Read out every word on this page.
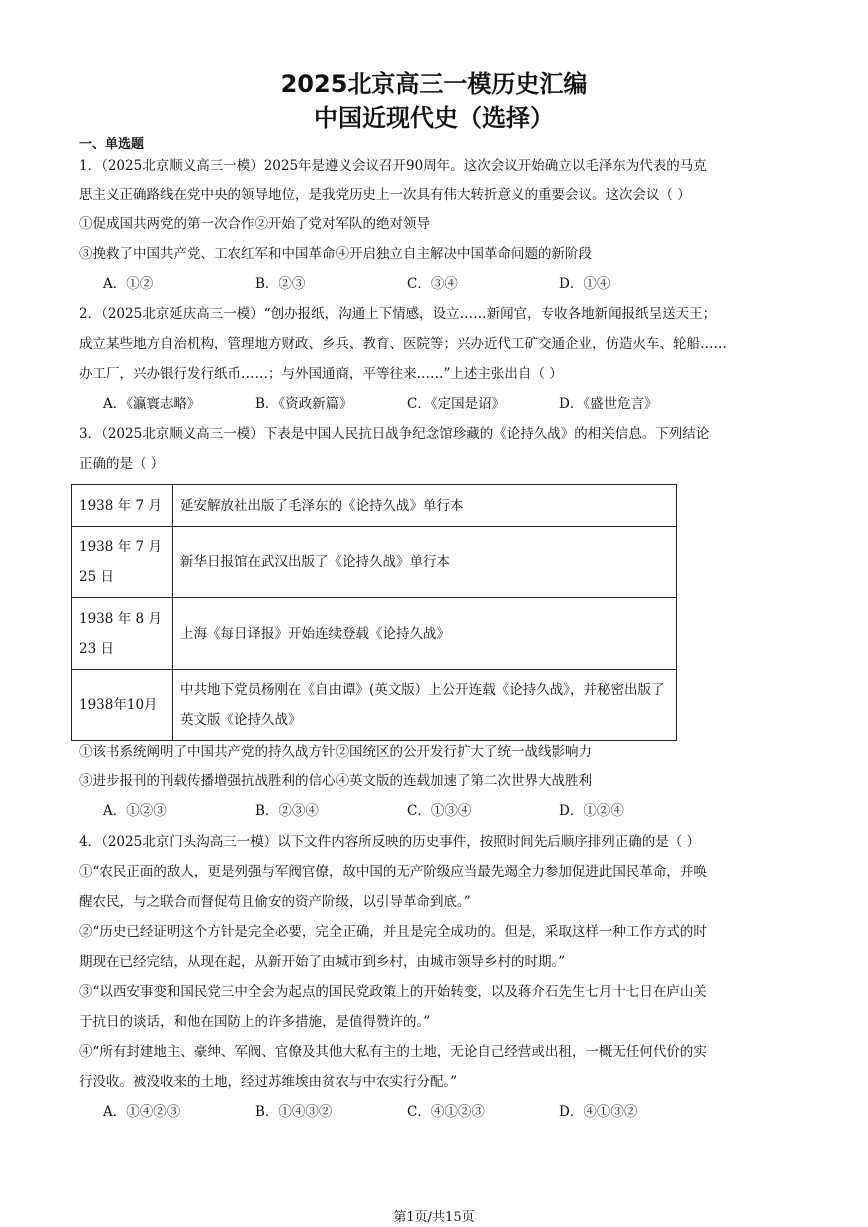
2025北京高三一模历史汇编
中国近现代史（选择）
一、单选题
1．（2025北京顺义高三一模）2025年是遵义会议召开90周年。这次会议开始确立以毛泽东为代表的马克
思主义正确路线在党中央的领导地位，是我党历史上一次具有伟大转折意义的重要会议。这次会议（ ）
①促成国共两党的第一次合作②开始了党对军队的绝对领导
③挽救了中国共产党、工农红军和中国革命④开启独立自主解决中国革命问题的新阶段
A．①②	B．②③	C．③④	D．①④
2．（2025北京延庆高三一模）“创办报纸，沟通上下情感，设立……新闻官，专收各地新闻报纸呈送天王；
成立某些地方自治机构，管理地方财政、乡兵、教育、医院等；兴办近代工矿交通企业，仿造火车、轮船……
办工厂，兴办银行发行纸币……；与外国通商，平等往来……”上述主张出自（ ）
A．《瀛寰志略》	B．《资政新篇》	C．《定国是诏》	D．《盛世危言》
3．（2025北京顺义高三一模）下表是中国人民抗日战争纪念馆珍藏的《论持久战》的相关信息。下列结论
正确的是（ ）
1938 年 7 月	延安解放社出版了毛泽东的《论持久战》单行本
1938 年 7 月 25 日	新华日报馆在武汉出版了《论持久战》单行本
1938 年 8 月 23 日	上海《每日译报》开始连续登载《论持久战》
1938年10月	中共地下党员杨刚在《自由谭》(英文版）上公开连载《论持久战》，并秘密出版了英文版《论持久战》
①该书系统阐明了中国共产党的持久战方针②国统区的公开发行扩大了统一战线影响力
③进步报刊的刊载传播增强抗战胜利的信心④英文版的连载加速了第二次世界大战胜利
A．①②③	B．②③④	C．①③④	D．①②④
4．（2025北京门头沟高三一模）以下文件内容所反映的历史事件，按照时间先后顺序排列正确的是（ ）
①“农民正面的敌人，更是列强与军阀官僚，故中国的无产阶级应当最先竭全力参加促进此国民革命，并唤
醒农民，与之联合而督促苟且偷安的资产阶级，以引导革命到底。”
②“历史已经证明这个方针是完全必要，完全正确，并且是完全成功的。但是，采取这样一种工作方式的时
期现在已经完结，从现在起，从新开始了由城市到乡村，由城市领导乡村的时期。”
③“以西安事变和国民党三中全会为起点的国民党政策上的开始转变，以及蒋介石先生七月十七日在庐山关
于抗日的谈话，和他在国防上的许多措施，是值得赞许的。”
④“所有封建地主、豪绅、军阀、官僚及其他大私有主的土地，无论自己经营或出租，一概无任何代价的实
行没收。被没收来的土地，经过苏维埃由贫农与中农实行分配。”
A．①④②③	B．①④③②	C．④①②③	D．④①③②
第1页/共15页
